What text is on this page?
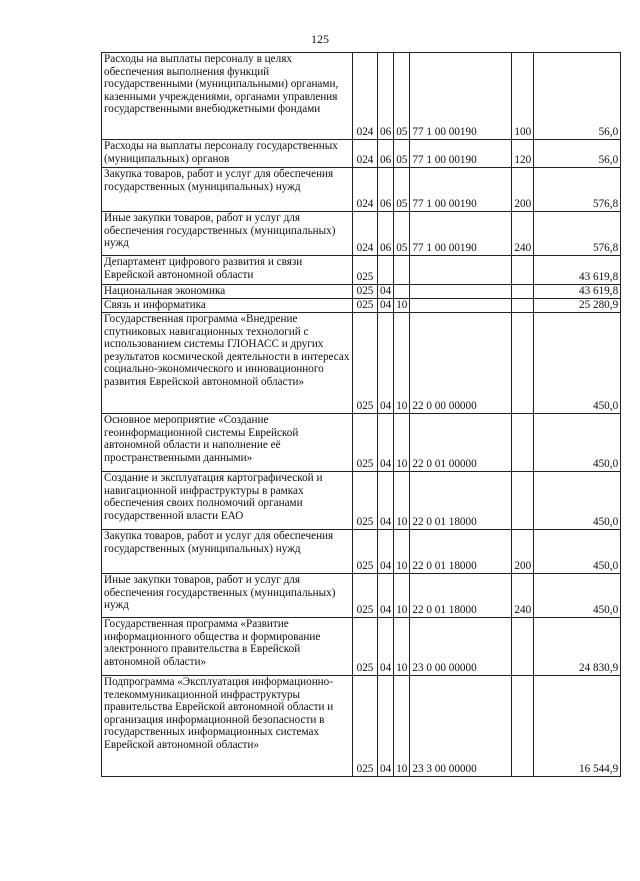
125
Расходы на выплаты персоналу в целях обеспечения выполнения функций государственными (муниципальными) органами, казенными учреждениями, органами управления государственными внебюджетными фондами	024	06	05	77 1 00 00190	100	56,0
Расходы на выплаты персоналу государственных (муниципальных) органов	024	06	05	77 1 00 00190	120	56,0
Закупка товаров, работ и услуг для обеспечения государственных (муниципальных) нужд	024	06	05	77 1 00 00190	200	576,8
Иные закупки товаров, работ и услуг для обеспечения государственных (муниципальных) нужд	024	06	05	77 1 00 00190	240	576,8
Департамент цифрового развития и связи Еврейской автономной области	025					43 619,8
Национальная экономика	025	04				43 619,8
Связь и информатика	025	04	10			25 280,9
Государственная программа «Внедрение спутниковых навигационных технологий с использованием системы ГЛОНАСС и других результатов космической деятельности в интересах социально-экономического и инновационного развития Еврейской автономной области»	025	04	10	22 0 00 00000		450,0
Основное мероприятие «Создание геоинформационной системы Еврейской автономной области и наполнение её пространственными данными»	025	04	10	22 0 01 00000		450,0
Создание и эксплуатация картографической и навигационной инфраструктуры в рамках обеспечения своих полномочий органами государственной власти ЕАО	025	04	10	22 0 01 18000		450,0
Закупка товаров, работ и услуг для обеспечения государственных (муниципальных) нужд	025	04	10	22 0 01 18000	200	450,0
Иные закупки товаров, работ и услуг для обеспечения государственных (муниципальных) нужд	025	04	10	22 0 01 18000	240	450,0
Государственная программа «Развитие информационного общества и формирование электронного правительства в Еврейской автономной области»	025	04	10	23 0 00 00000		24 830,9
Подпрограмма «Эксплуатация информационно-телекоммуникационной инфраструктуры правительства Еврейской автономной области и организация информационной безопасности в государственных информационных системах Еврейской автономной области»	025	04	10	23 3 00 00000		16 544,9
